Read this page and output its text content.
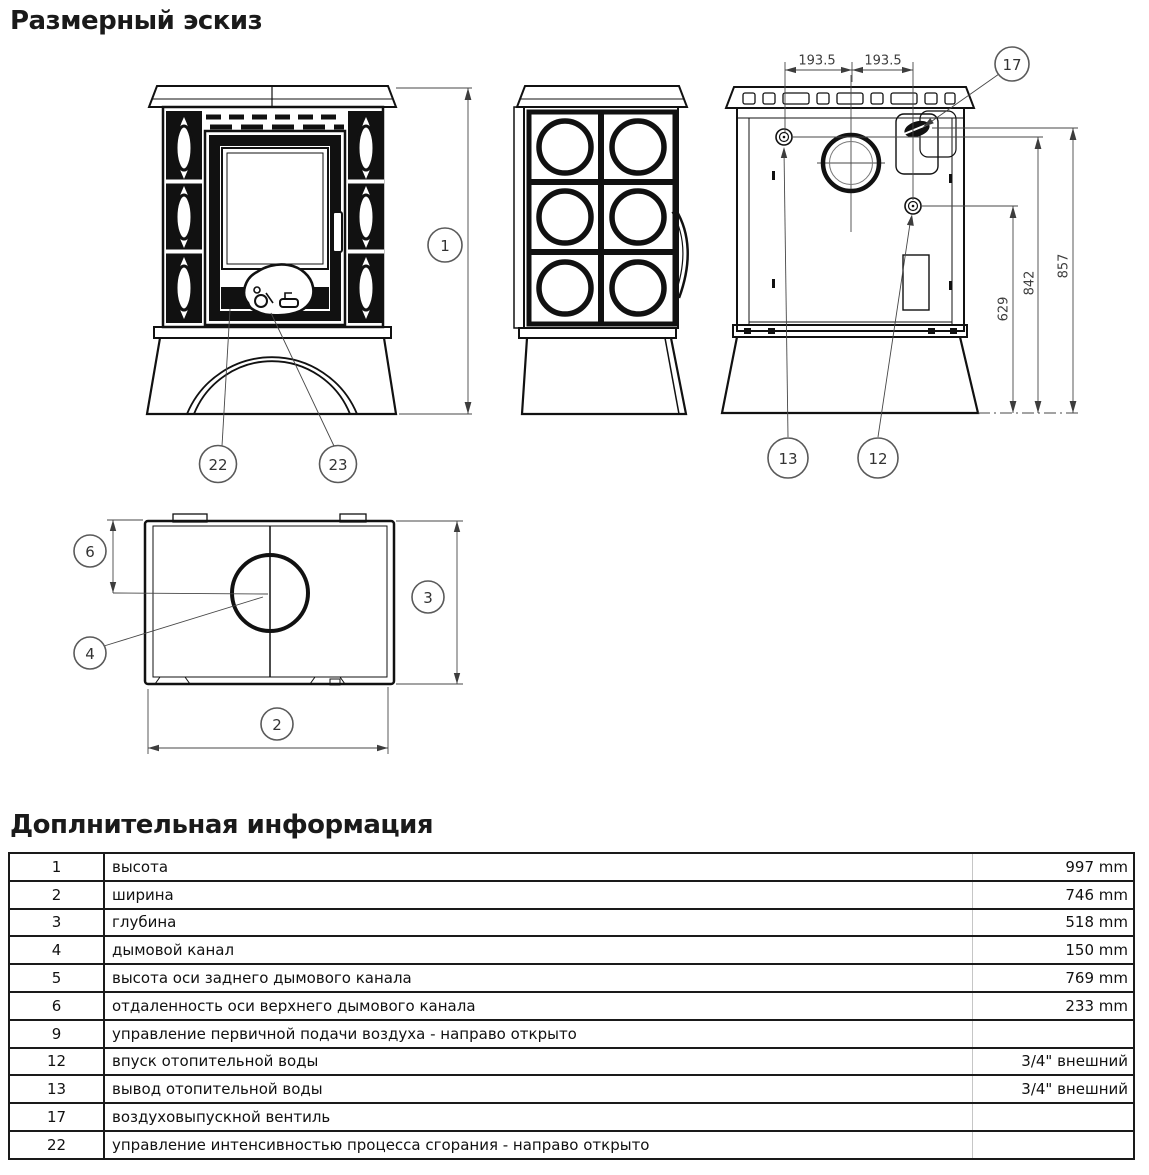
Размерный эскиз
22	23
1
193.5 193.5
857
842
629
17
13	12
6
4
3
2
Доплнительная информация
1	высота	997 mm
2	ширина	746 mm
3	глубина	518 mm
4	дымовой канал	150 mm
5	высота оси заднего дымового канала	769 mm
6	отдаленность оси верхнего дымового канала	233 mm
9	управление первичной подачи воздуха - направо открыто	
12	впуск отопительной воды	3/4" внешний
13	вывод отопительной воды	3/4" внешний
17	воздуховыпускной вентиль	
22	управление интенсивностью процесса сгорания - направо открыто	
